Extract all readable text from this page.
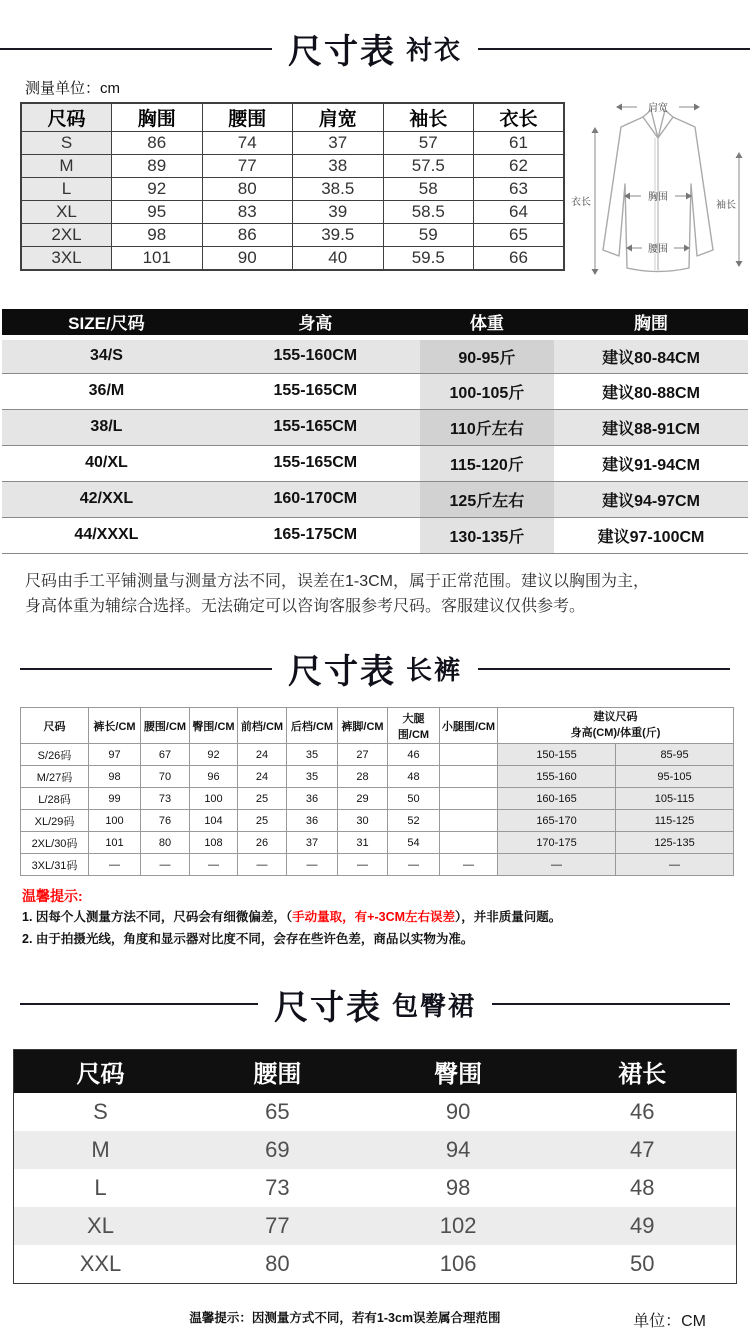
尺寸表 衬衣
测量单位：cm
尺码	胸围	腰围	肩宽	袖长	衣长
S	86	74	37	57	61
M	89	77	38	57.5	62
L	92	80	38.5	58	63
XL	95	83	39	58.5	64
2XL	98	86	39.5	59	65
3XL	101	90	40	59.5	66
肩宽
衣长	袖长
胸围
腰围
SIZE/尺码	身高	体重	胸围
34/S	155-160CM	90-95斤	建议80-84CM
36/M	155-165CM	100-105斤	建议80-88CM
38/L	155-165CM	110斤左右	建议88-91CM
40/XL	155-165CM	115-120斤	建议91-94CM
42/XXL	160-170CM	125斤左右	建议94-97CM
44/XXXL	165-175CM	130-135斤	建议97-100CM
尺码由手工平铺测量与测量方法不同，误差在1-3CM，属于正常范围。建议以胸围为主，
身高体重为辅综合选择。无法确定可以咨询客服参考尺码。客服建议仅供参考。
尺寸表 长裤
尺码	裤长/CM	腰围/CM	臀围/CM	前档/CM	后档/CM	裤脚/CM	大腿围/CM	小腿围/CM	建议尺码
身高(CM)/体重(斤)	

S/26码	97	67	92	24	35	27	46		150-155	85-95
M/27码	98	70	96	24	35	28	48		155-160	95-105
L/28码	99	73	100	25	36	29	50		160-165	105-115
XL/29码	100	76	104	25	36	30	52		165-170	115-125
2XL/30码	101	80	108	26	37	31	54		170-175	125-135
3XL/31码	—	—	—	—	—	—	—	—	—	—
温馨提示:
1. 因每个人测量方法不同，尺码会有细微偏差，（手动量取，有+-3CM左右误差），并非质量问题。
2. 由于拍摄光线，角度和显示器对比度不同，会存在些许色差，商品以实物为准。
尺寸表 包臀裙
尺码	腰围	臀围	裙长
S	65	90	46
M	69	94	47
L	73	98	48
XL	77	102	49
XXL	80	106	50
温馨提示：因测量方式不同，若有1-3cm误差属合理范围	单位：CM
